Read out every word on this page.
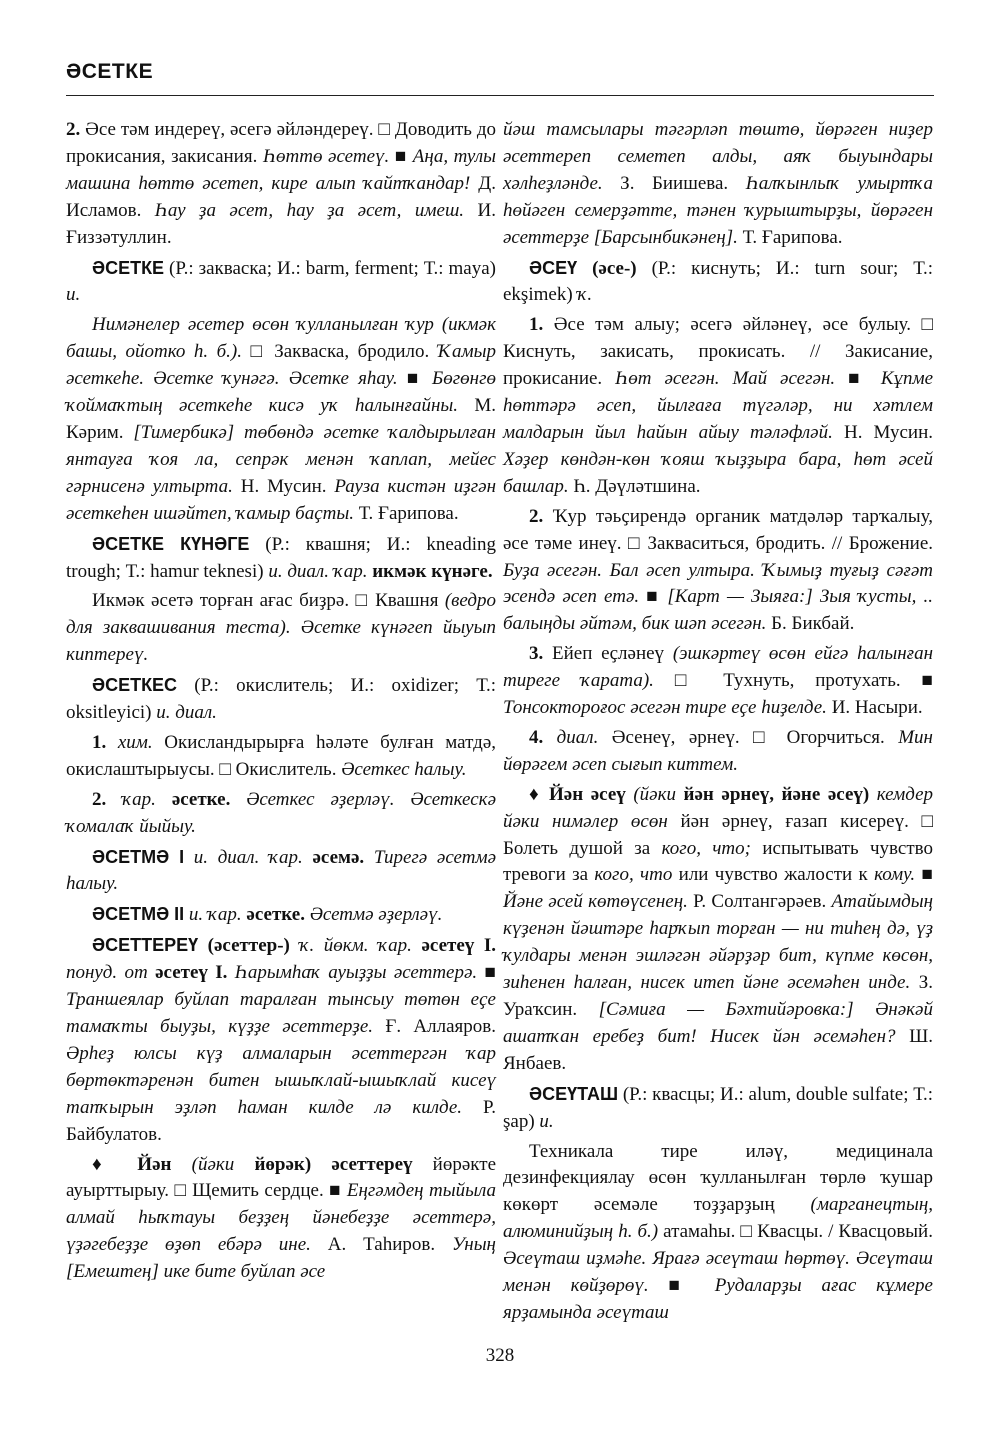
ӘСЕТКЕ

2. Әсе тәм индереү, әсегә әйләндереү. □ Доводить до прокисания, закисания. Һөттө әсетеү. ■ Аңа, тулы машина һөттө әсетеп, кире алып ҡайтҡандар! Д. Исламов. Һау ҙа әсет, һау ҙа әсет, имеш. И. Ғиззәтуллин.

ӘСЕТКЕ (Р.: закваска; И.: barm, ferment; Т.: maya) и.

Нимәнелер әсетер өсөн ҡулланылған ҡур (икмәк башы, ойотко һ. б.). □ Закваска, бродило. Ҡамыр әсеткеһе. Әсетке ҡунәгә. Әсетке яһау. ■ Бөгөнгө ҡоймаҡтың әсеткеһе кисә уҡ һалынғайны. М. Кәрим. [Тимербикә] төбөндә әсетке ҡалдырылған янтауға ҡоя ла, сепрәк менән ҡаплап, мейес гәрнисенә ултырта. Н. Мусин. Рауза кистән иҙгән әсеткеһен ишәйтеп, ҡамыр баҫты. Т. Ғарипова.

ӘСЕТКЕ КҮНӘГЕ (Р.: квашня; И.: kneading trough; Т.: hamur teknesi) и. диал. ҡар. икмәк күнәге.

Икмәк әсетә торған ағас биҙрә. □ Квашня (ведро для заквашивания теста). Әсетке күнәгеп йыуып киптереү.

ӘСЕТКЕС (Р.: окислитель; И.: oxidizer; Т.: oksitleyici) и. диал.

1. хим. Окисландырырға һәләте булған матдә, окислаштырыусы. □ Окислитель. Әсеткес һалыу.

2. ҡар. әсетке. Әсеткес әҙерләү. Әсеткескә ҡомалаҡ йыйыу.

ӘСЕТМӘ I и. диал. ҡар. әсемә. Тирегә әсетмә һалыу.

ӘСЕТМӘ II и. ҡар. әсетке. Әсетмә әҙерләү.

ӘСЕТТЕРЕҮ (әсеттер-) ҡ. йөкм. ҡар. әсетеү I. понуд. от әсетеү I. Һарымһаҡ ауыҙҙы әсеттерә. ■ Траншеялар буйлап таралған тынсыу төтөн еҫе тамаҡты быуҙы, күҙҙе әсеттерҙе. Ғ. Аллаяров. Әрһеҙ юлсы күҙ алмаларын әсеттергән ҡар бөртөктәренән битен ышыҡлай-ышыҡлай кисеү тапҡырын эҙләп һаман килде лә килде. Р. Байбулатов.

♦ Йән (йәки йөрәк) әсеттереү йөрәкте ауырттырыу. □ Щемить сердце. ■ Еңгәмдең тыйыла алмай һыҡтауы беҙҙең йәнебеҙҙе әсеттерә, үҙәгебеҙҙе өҙөп ебәрә ине. А. Таһиров. Уның [Емештең] ике бите буйлап әсе

йәш тамсылары тәгәрләп төштө, йөрәген ниҙер әсеттереп семетеп алды, аяҡ быуындары хәлһеҙләнде. З. Биишева. Һалҡынлыҡ умыртҡа һөйәген семерҙәтте, тәнен ҡурыштырҙы, йөрәген әсеттерҙе [Барсынбикәнең]. Т. Ғарипова.

ӘСЕҮ (әсе-) (Р.: киснуть; И.: turn sour; Т.: ekşimek) ҡ.

1. Әсе тәм алыу; әсегә әйләнеү, әсе булыу. □ Киснуть, закисать, прокисать. // Закисание, прокисание. Һөт әсегән. Май әсегән. ■ Кұпме һөттәрә әсеп, йылғаға түгәләр, ни хәтлем малдарын йыл һайын айыу тәләфләй. Н. Мусин. Хәҙер көндән-көн ҡояш ҡыҙҙыра бара, һөт әсей башлар. Һ. Дәүләтшина.

2. Ҡур тәьҫирендә органик матдәләр тарҡалыу, әсе тәме инеү. □ Закваситься, бродить. // Брожение. Буҙа әсегән. Бал әсеп ултыра. Ҡымыҙ туғыҙ сәғәт эсендә әсеп етә. ■ [Карт — Зыяға:] Зыя ҡусты, .. балыңды әйтәм, бик шәп әсегән. Б. Бикбай.

3. Ейеп еҫләнеү (эшкәртеү өсөн ейгә һалынған тиреге ҡарата). □ Тухнуть, протухать. ■ Тонсоктороғос әсегән тире еҫе һиҙелде. И. Насыри.

4. диал. Әсенеү, әрнеү. □ Огорчиться. Мин йөрәгем әсеп сығып киттем.

♦ Йән әсеү (йәки йән әрнеү, йәне әсеү) кемдер йәки нимәлер өсөн йән әрнеү, ғазап кисереү. □ Болеть душой за кого, что; испытывать чувство тревоги за кого, что или чувство жалости к кому. ■ Йәне әсей көтөүсенең. Р. Солтангәрәев. Атайымдың күҙенән йәштәре һарҡып торған — ни тиһең дә, үҙ ҡулдары менән эшләгән әйәрҙәр бит, күпме көсөн, зиһенен һалған, нисек итеп йәне әсемәһен инде. З. Ураҡсин. [Сәмиға — Бәхтийәровка:] Әнәкәй ашатҡан еребеҙ бит! Нисек йән әсемәһен? Ш. Янбаев.

ӘСЕҮТАШ (Р.: квасцы; И.: alum, double sulfate; Т.: şap) и.

Техникала тире иләү, медицинала дезинфекциялау өсөн ҡулланылған төрлө ҡушар көкөрт әсемәле тоҙҙарҙың (марганецтың, алюминийҙың һ. б.) атамаһы. □ Квасцы. / Квасцовый. Әсеүташ иҙмәһе. Ярағә әсеүташ һөртөү. Әсеүташ менән көйҙөрөү. ■ Рудаларҙы ағас кұмере ярҙамында әсеүташ

328
